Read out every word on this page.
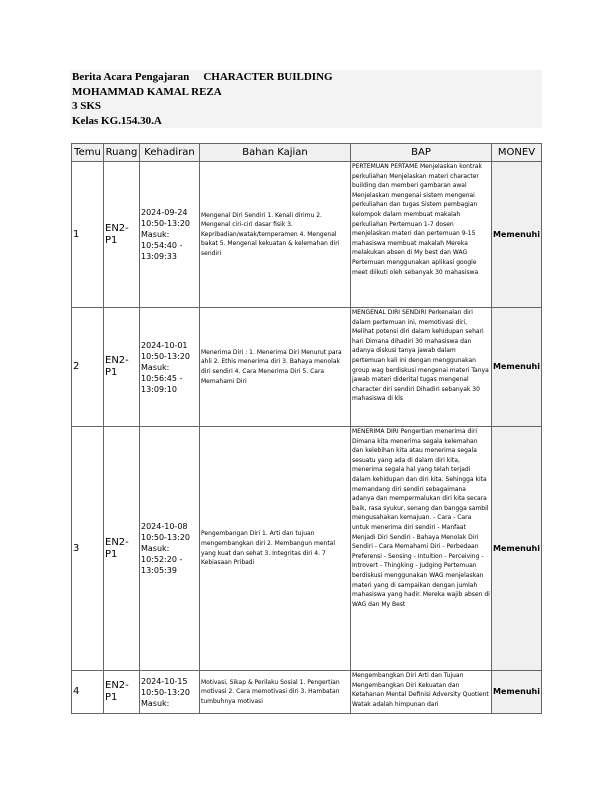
Berita Acara Pengajaran CHARACTER BUILDING
MOHAMMAD KAMAL REZA
3 SKS
Kelas KG.154.30.A
Temu	Ruang	Kehadiran	Bahan Kajian	BAP	MONEV
1	EN2-P1	2024-09-24 10:50-13:20 Masuk: 10:54:40 - 13:09:33	Mengenal Diri Sendiri 1. Kenali dirimu 2. Mengenal ciri-ciri dasar fisik 3. Kepribadian/watak/temperamen 4. Mengenal bakat 5. Mengenal kekuatan & kelemahan diri sendiri	PERTEMUAN PERTAME Menjelaskan kontrak perkuliahan Menjelaskan materi character building dan memberi gambaran awal Menjelaskan mengenai sistem mengenai perkuliahan dan tugas Sistem pembagian kelompok dalam membuat makalah perkuliahan Pertemuan 1-7 dosen menjelaskan materi dan pertemuan 9-15 mahasiswa membuat makalah Mereka melakukan absen di My best dan WAG Pertemuan menggunakan aplikasi google meet diikuti oleh sebanyak 30 mahasiswa	Memenuhi
2	EN2-P1	2024-10-01 10:50-13:20 Masuk: 10:56:45 - 13:09:10	Menerima Diri : 1. Menerima Diri Menurut para ahli 2. Ethis menerima diri 3. Bahaya menolak diri sendiri 4. Cara Menerima Diri 5. Cara Memahami Diri	MENGENAL DIRI SENDIRI Perkenalan diri dalam pertemuan ini, memotivasi diri, Melihat potensi diri dalam kehidupan sehari hari Dimana dihadiri 30 mahasiswa dan adanya diskusi tanya jawab dalam pertemuan kali ini dengan menggunakan group wag berdiskusi mengenai materi Tanya jawab materi diderital tugas mengenal character diri sendiri Dihadiri sebanyak 30 mahasiswa di kls	Memenuhi
3	EN2-P1	2024-10-08 10:50-13:20 Masuk: 10:52:20 - 13:05:39	Pengembangan Diri 1. Arti dan tujuan mengembangkan diri 2. Membangun mental yang kuat dan sehat 3. Integritas diri 4. 7 Kebiasaan Pribadi	MENERIMA DIRI Pengertian menerima diri Dimana kita menerima segala kelemahan dan kelebihan kita atau menerima segala sesuatu yang ada di dalam diri kita, menerima segala hal yang telah terjadi dalam kehidupan dan diri kita. Sehingga kita memandang diri sendiri sebagaimana adanya dan mempermalukan diri kita secara baik, rasa syukur, senang dan bangga sambil mengusahakan kemajuan. - Cara - Cara untuk menerima diri sendiri - Manfaat Menjadi Diri Sendiri - Bahaya Menolak Diri Sendiri - Cara Memahami Diri - Perbedaan Preferensi - Sensing - Intuition - Perceiving - Introvert - Thingking - Judging Pertemuan berdiskusi menggunakan WAG menjelaskan materi yang di sampaikan dengan jumlah mahasiswa yang hadir. Mereka wajib absen di WAG dan My Best	Memenuhi
4	EN2-P1	2024-10-15 10:50-13:20 Masuk:	Motivasi, Sikap & Perilaku Sosial 1. Pengertian motivasi 2. Cara memotivasi diri 3. Hambatan tumbuhnya motivasi	Mengembangkan Diri Arti dan Tujuan Mengembangkan Diri Kekuatan dan Ketahanan Mental Definisi Adversity Quotient Watak adalah himpunan dari	Memenuhi
